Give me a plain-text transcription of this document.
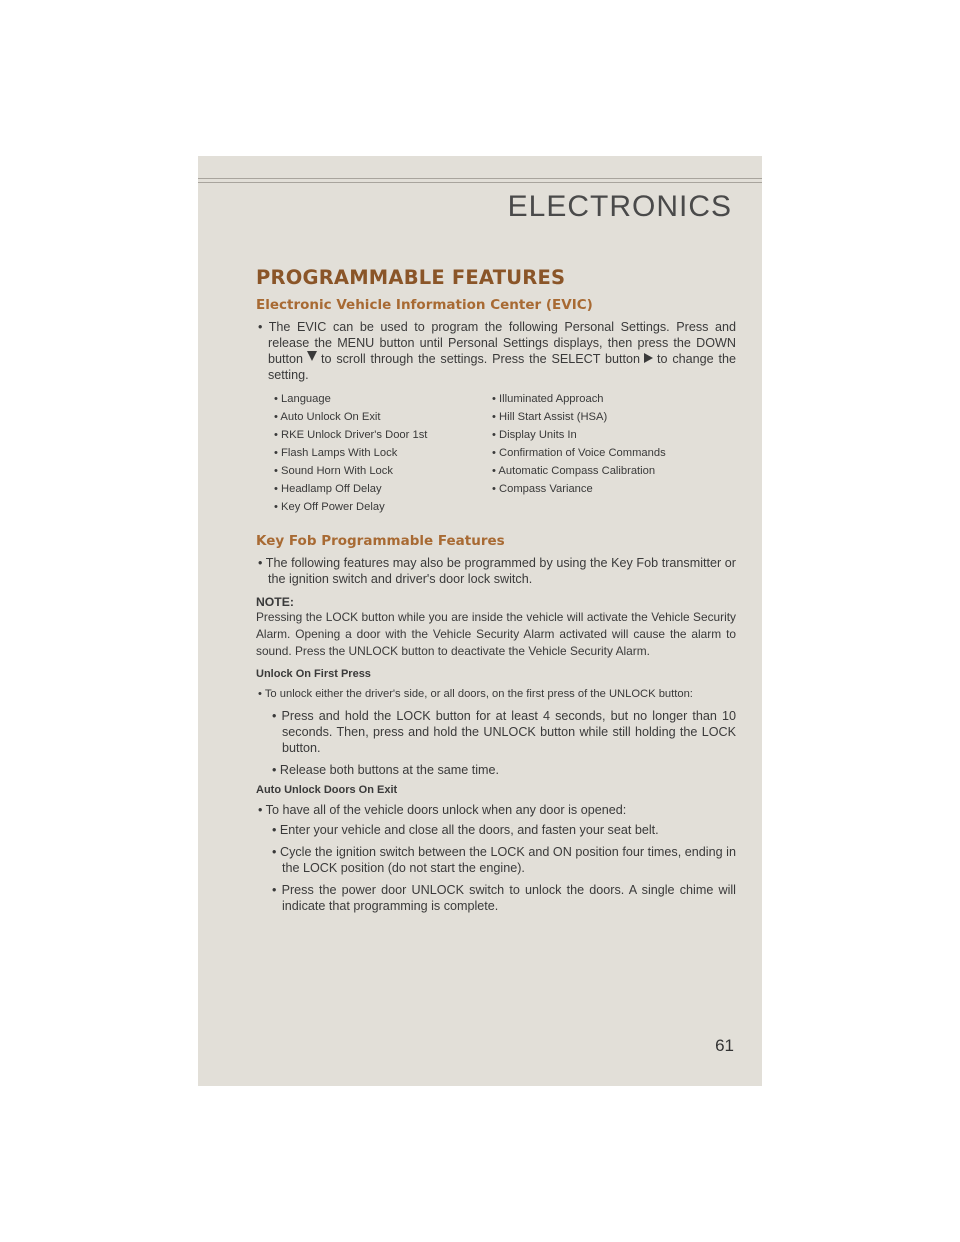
ELECTRONICS
PROGRAMMABLE FEATURES
Electronic Vehicle Information Center (EVIC)

• The EVIC can be used to program the following Personal Settings. Press and release the MENU button until Personal Settings displays, then press the DOWN button to scroll through the settings. Press the SELECT button to change the setting.

• Language	• Illuminated Approach
• Auto Unlock On Exit	• Hill Start Assist (HSA)
• RKE Unlock Driver's Door 1st	• Display Units In
• Flash Lamps With Lock	• Confirmation of Voice Commands
• Sound Horn With Lock	• Automatic Compass Calibration
• Headlamp Off Delay	• Compass Variance
• Key Off Power Delay
Key Fob Programmable Features

• The following features may also be programmed by using the Key Fob transmitter or the ignition switch and driver's door lock switch.

NOTE:

Pressing the LOCK button while you are inside the vehicle will activate the Vehicle Security Alarm. Opening a door with the Vehicle Security Alarm activated will cause the alarm to sound. Press the UNLOCK button to deactivate the Vehicle Security Alarm.

Unlock On First Press

• To unlock either the driver's side, or all doors, on the first press of the UNLOCK button:

• Press and hold the LOCK button for at least 4 seconds, but no longer than 10 seconds. Then, press and hold the UNLOCK button while still holding the LOCK button.

• Release both buttons at the same time.

Auto Unlock Doors On Exit

• To have all of the vehicle doors unlock when any door is opened:

• Enter your vehicle and close all the doors, and fasten your seat belt.

• Cycle the ignition switch between the LOCK and ON position four times, ending in the LOCK position (do not start the engine).

• Press the power door UNLOCK switch to unlock the doors. A single chime will indicate that programming is complete.

61
